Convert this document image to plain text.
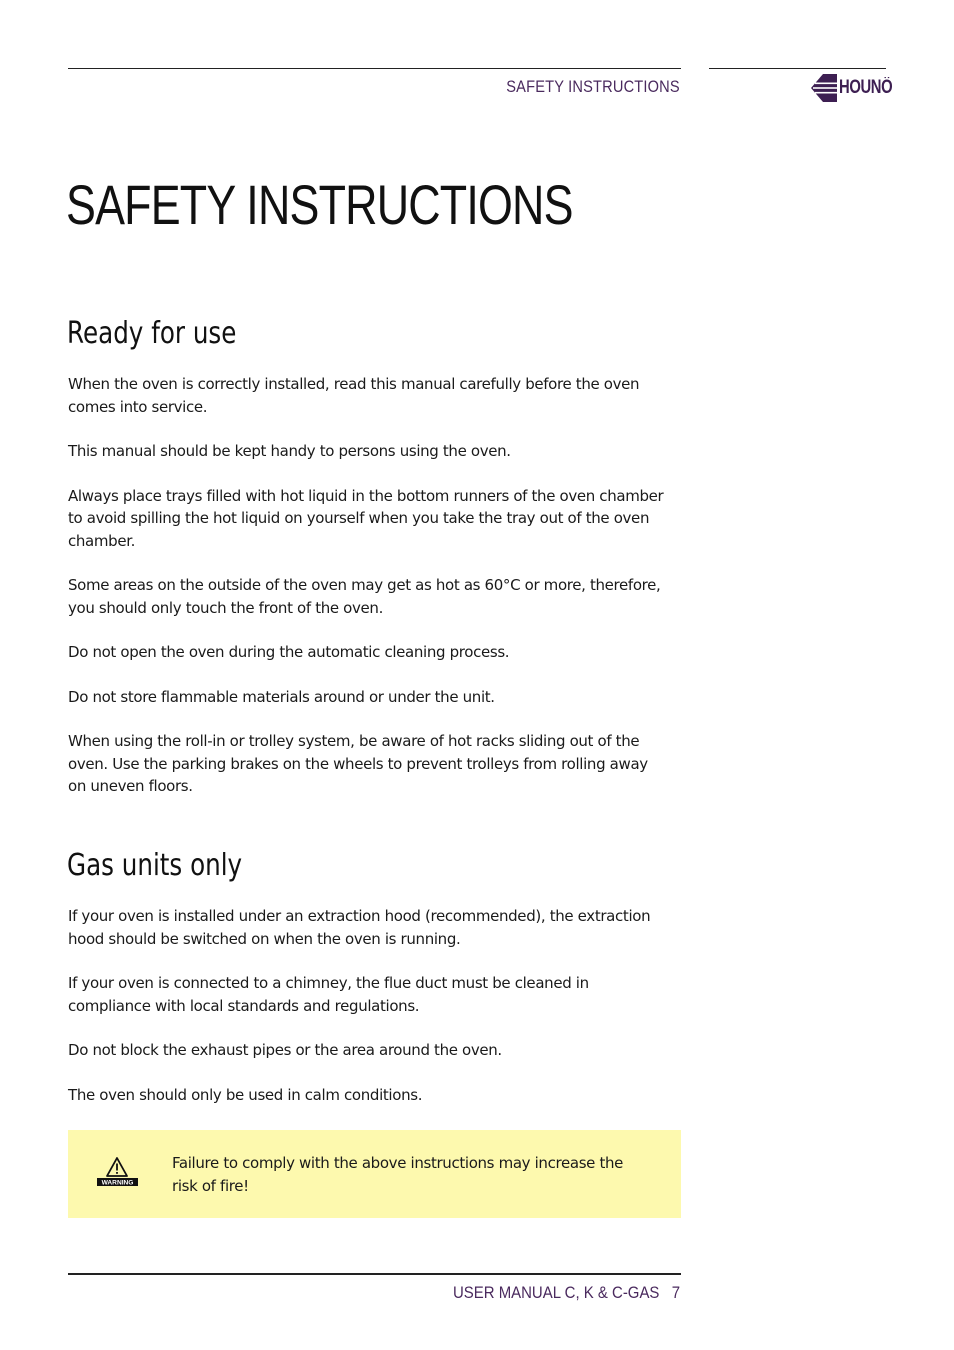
SAFETY INSTRUCTIONS	HOUNÖ
SAFETY INSTRUCTIONS
Ready for use

When the oven is correctly installed, read this manual carefully before the oven comes into service.

This manual should be kept handy to persons using the oven.

Always place trays filled with hot liquid in the bottom runners of the oven chamber to avoid spilling the hot liquid on yourself when you take the tray out of the oven chamber.

Some areas on the outside of the oven may get as hot as 60°C or more, therefore, you should only touch the front of the oven.

Do not open the oven during the automatic cleaning process.

Do not store flammable materials around or under the unit.

When using the roll-in or trolley system, be aware of hot racks sliding out of the oven. Use the parking brakes on the wheels to prevent trolleys from rolling away on uneven floors.

Gas units only

If your oven is installed under an extraction hood (recommended), the extraction hood should be switched on when the oven is running.

If your oven is connected to a chimney, the flue duct must be cleaned in compliance with local standards and regulations.

Do not block the exhaust pipes or the area around the oven.

The oven should only be used in calm conditions.

WARNING
Failure to comply with the above instructions may increase the risk of fire!
USER MANUAL C, K & C-GAS 7
